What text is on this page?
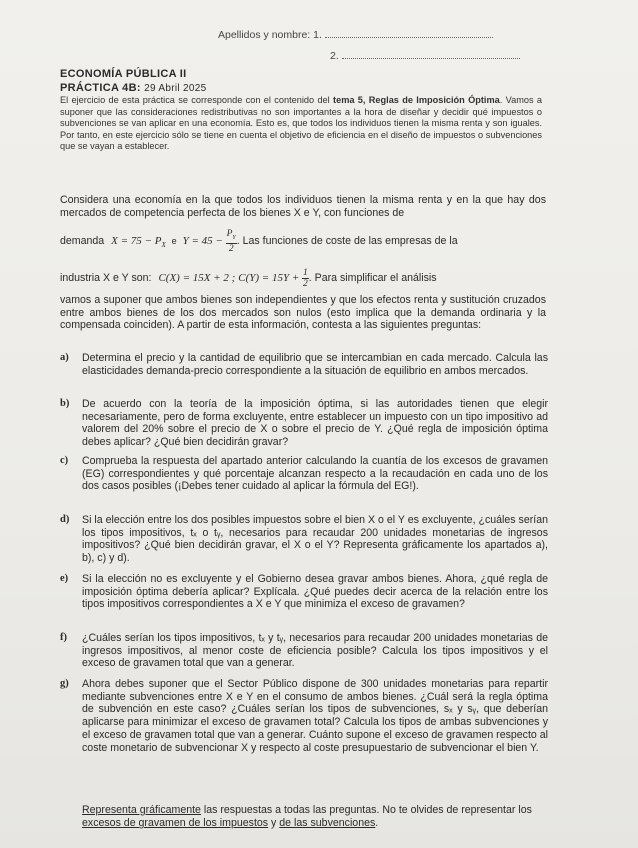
Apellidos y nombre: 1.
2.
ECONOMÍA PÚBLICA II
PRÁCTICA 4B: 29 Abril 2025
El ejercicio de esta práctica se corresponde con el contenido del tema 5, Reglas de Imposición Óptima. Vamos a suponer que las consideraciones redistributivas no son importantes a la hora de diseñar y decidir qué impuestos o subvenciones se van aplicar en una economía. Esto es, que todos los individuos tienen la misma renta y son iguales. Por tanto, en este ejercicio sólo se tiene en cuenta el objetivo de eficiencia en el diseño de impuestos o subvenciones que se vayan a establecer.
Considera una economía en la que todos los individuos tienen la misma renta y en la que hay dos mercados de competencia perfecta de los bienes X e Y, con funciones de
demanda $X = 75 - P_X$ e $Y = 45 - \frac{P_Y}{2}$ . Las funciones de coste de las empresas de la
industria X e Y son: C(X) = 15X + 2 ; $C(Y) = 15Y + \frac{1}{2}$ . Para simplificar el análisis
vamos a suponer que ambos bienes son independientes y que los efectos renta y sustitución cruzados entre ambos bienes de los dos mercados son nulos (esto implica que la demanda ordinaria y la compensada coinciden). A partir de esta información, contesta a las siguientes preguntas:
a) Determina el precio y la cantidad de equilibrio que se intercambian en cada mercado. Calcula las elasticidades demanda-precio correspondiente a la situación de equilibrio en ambos mercados.
b) De acuerdo con la teoría de la imposición óptima, si las autoridades tienen que elegir necesariamente, pero de forma excluyente, entre establecer un impuesto con un tipo impositivo ad valorem del 20% sobre el precio de X o sobre el precio de Y. ¿Qué regla de imposición óptima debes aplicar? ¿Qué bien decidirán gravar?
c) Comprueba la respuesta del apartado anterior calculando la cuantía de los excesos de gravamen (EG) correspondientes y qué porcentaje alcanzan respecto a la recaudación en cada uno de los dos casos posibles (¡Debes tener cuidado al aplicar la fórmula del EG!).
d) Si la elección entre los dos posibles impuestos sobre el bien X o el Y es excluyente, ¿cuáles serían los tipos impositivos, tₓ o tᵧ, necesarios para recaudar 200 unidades monetarias de ingresos impositivos? ¿Qué bien decidirán gravar, el X o el Y? Representa gráficamente los apartados a), b), c) y d).
e) Si la elección no es excluyente y el Gobierno desea gravar ambos bienes. Ahora, ¿qué regla de imposición óptima debería aplicar? Explícala. ¿Qué puedes decir acerca de la relación entre los tipos impositivos correspondientes a X e Y que minimiza el exceso de gravamen?
f) ¿Cuáles serían los tipos impositivos, tₓ y tᵧ, necesarios para recaudar 200 unidades monetarias de ingresos impositivos, al menor coste de eficiencia posible? Calcula los tipos impositivos y el exceso de gravamen total que van a generar.
g) Ahora debes suponer que el Sector Público dispone de 300 unidades monetarias para repartir mediante subvenciones entre X e Y en el consumo de ambos bienes. ¿Cuál será la regla óptima de subvención en este caso? ¿Cuáles serían los tipos de subvenciones, sₓ y sᵧ, que deberían aplicarse para minimizar el exceso de gravamen total? Calcula los tipos de ambas subvenciones y el exceso de gravamen total que van a generar. Cuánto supone el exceso de gravamen respecto al coste monetario de subvencionar X y respecto al coste presupuestario de subvencionar el bien Y.
Representa gráficamente las respuestas a todas las preguntas. No te olvides de representar los excesos de gravamen de los impuestos y de las subvenciones.
